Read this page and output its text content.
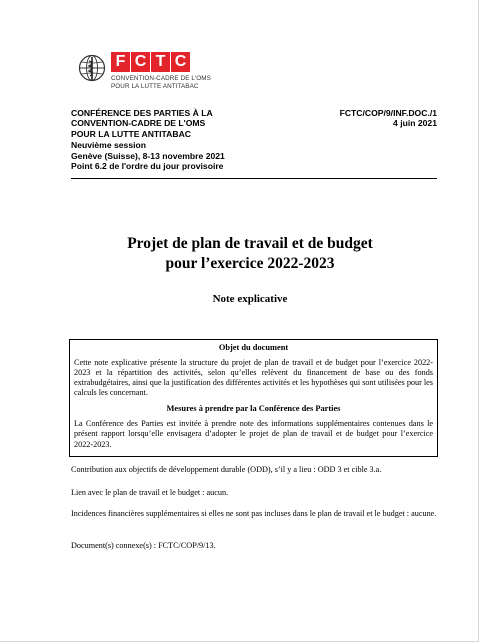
F C T C
CONVENTION-CADRE DE L'OMS
POUR LA LUTTE ANTITABAC
CONFÉRENCE DES PARTIES À LA
CONVENTION-CADRE DE L'OMS
POUR LA LUTTE ANTITABAC
Neuvième session
Genève (Suisse), 8-13 novembre 2021
Point 6.2 de l'ordre du jour provisoire
FCTC/COP/9/INF.DOC./1
4 juin 2021
Projet de plan de travail et de budget
pour l’exercice 2022-2023
Note explicative
Objet du document
Cette note explicative présente la structure du projet de plan de travail et de budget pour l’exercice 2022-2023 et la répartition des activités, selon qu’elles relèvent du financement de base ou des fonds extrabudgétaires, ainsi que la justification des différentes activités et les hypothèses qui sont utilisées pour les calculs les concernant.
Mesures à prendre par la Conférence des Parties
La Conférence des Parties est invitée à prendre note des informations supplémentaires contenues dans le présent rapport lorsqu’elle envisagera d’adopter le projet de plan de travail et de budget pour l’exercice 2022-2023.
Contribution aux objectifs de développement durable (ODD), s’il y a lieu : ODD 3 et cible 3.a.
Lien avec le plan de travail et le budget : aucun.
Incidences financières supplémentaires si elles ne sont pas incluses dans le plan de travail et le budget : aucune.
Document(s) connexe(s) : FCTC/COP/9/13.
